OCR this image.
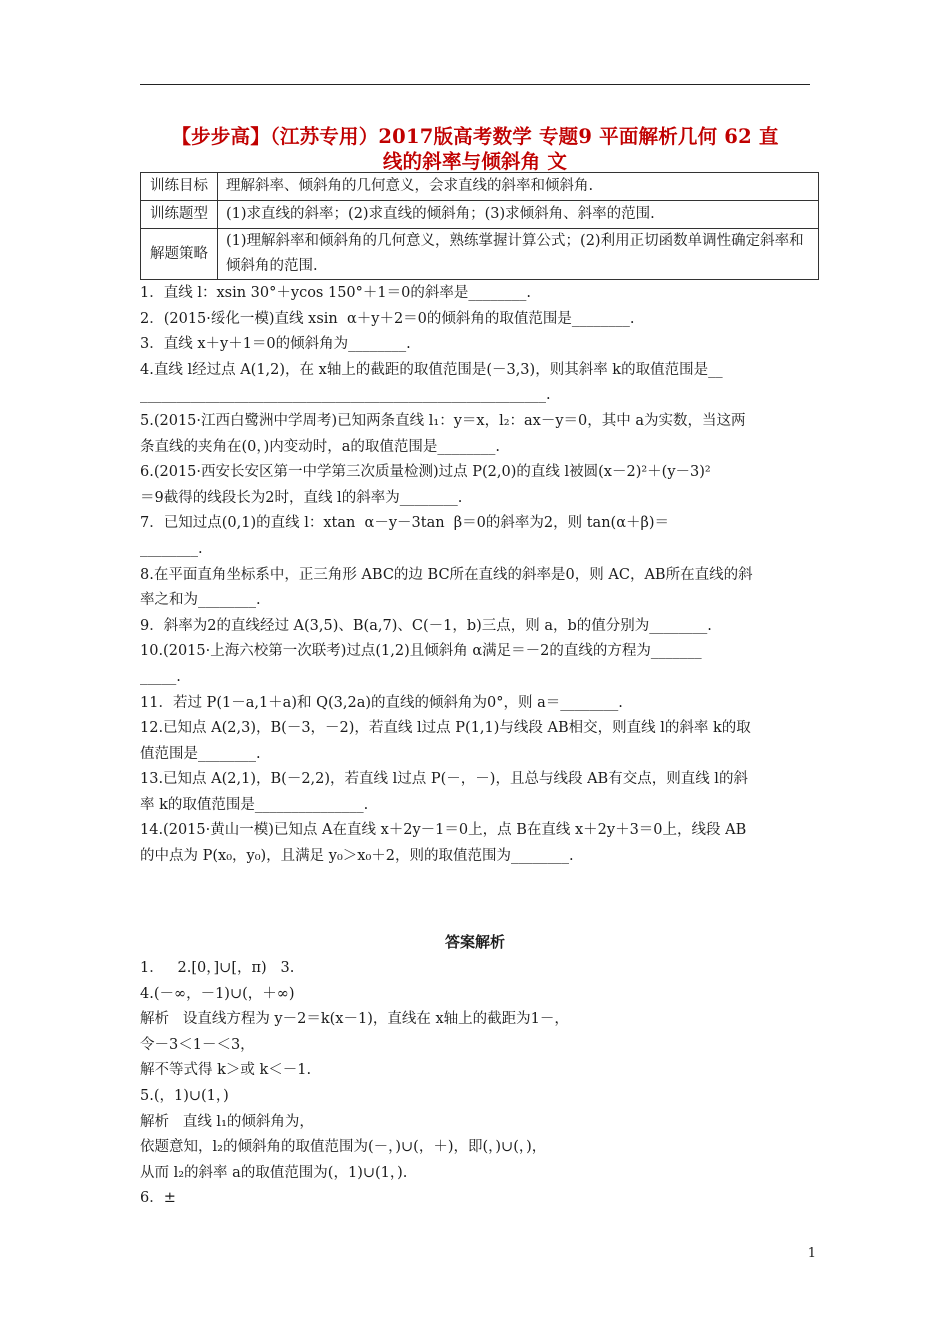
【步步高】（江苏专用）2017版高考数学 专题9 平面解析几何 62 直
线的斜率与倾斜角 文
训练目标	理解斜率、倾斜角的几何意义，会求直线的斜率和倾斜角.
训练题型	(1)求直线的斜率；(2)求直线的倾斜角；(3)求倾斜角、斜率的范围.
解题策略	(1)理解斜率和倾斜角的几何意义，熟练掌握计算公式；(2)利用正切函数单调性确定斜率和倾斜角的范围.

1．直线 l：xsin 30°＋ycos 150°＋1＝0的斜率是________.

2．(2015·绥化一模)直线 xsin  α＋y＋2＝0的倾斜角的取值范围是________.

3．直线 x＋y＋1＝0的倾斜角为________.

4.直线 l经过点 A(1,2)，在 x轴上的截距的取值范围是(－3,3)，则其斜率 k的取值范围是__

________________________________________________________.

5.(2015·江西白鹭洲中学周考)已知两条直线 l₁：y＝x，l₂：ax－y＝0，其中 a为实数，当这两

条直线的夹角在(0，)内变动时，a的取值范围是________.

6.(2015·西安长安区第一中学第三次质量检测)过点 P(2,0)的直线 l被圆(x－2)²＋(y－3)²

＝9截得的线段长为2时，直线 l的斜率为________.

7．已知过点(0,1)的直线 l：xtan  α－y－3tan  β＝0的斜率为2，则 tan(α＋β)＝

________.

8.在平面直角坐标系中，正三角形 ABC的边 BC所在直线的斜率是0，则 AC，AB所在直线的斜

率之和为________.

9．斜率为2的直线经过 A(3,5)、B(a,7)、C(－1，b)三点，则 a，b的值分别为________.

10.(2015·上海六校第一次联考)过点(1,2)且倾斜角 α满足＝－2的直线的方程为_______

_____.

11．若过 P(1－a,1＋a)和 Q(3,2a)的直线的倾斜角为0°，则 a＝________.

12.已知点 A(2,3)，B(－3，－2)，若直线 l过点 P(1,1)与线段 AB相交，则直线 l的斜率 k的取

值范围是________.

13.已知点 A(2,1)，B(－2,2)，若直线 l过点 P(－，－)，且总与线段 AB有交点，则直线 l的斜

率 k的取值范围是_______________.

14.(2015·黄山一模)已知点 A在直线 x＋2y－1＝0上，点 B在直线 x＋2y＋3＝0上，线段 AB

的中点为 P(x₀，y₀)，且满足 y₀＞x₀＋2，则的取值范围为________.

答案解析

1．   2.[0，]∪[，π)   3.

4.(－∞，－1)∪(，＋∞)

解析   设直线方程为 y－2＝k(x－1)，直线在 x轴上的截距为1－，

令－3＜1－＜3，

解不等式得 k＞或 k＜－1.

5.(，1)∪(1，)

解析   直线 l₁的倾斜角为，

依题意知，l₂的倾斜角的取值范围为(－，)∪(，＋)，即(，)∪(，)，

从而 l₂的斜率 a的取值范围为(，1)∪(1，).

6．±

1
